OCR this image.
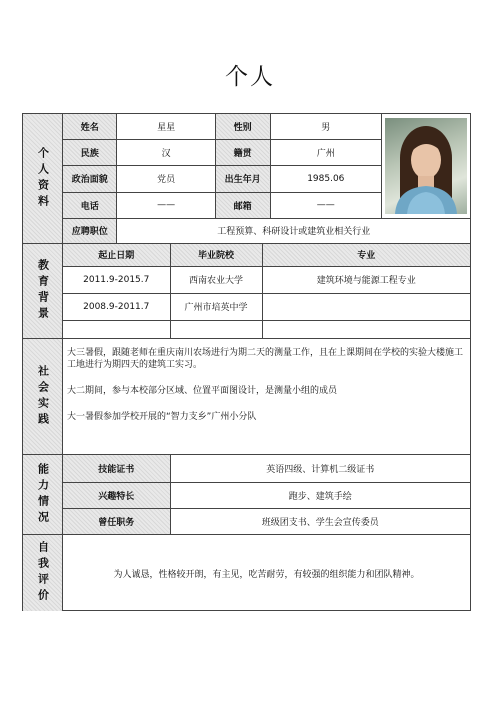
个人
个人资料
姓名	星星	性别	男	

民族	汉	籍贯	广州	
政治面貌	党员	出生年月	1985.06	
电话	——	邮箱	——	
应聘职位	工程预算、科研设计或建筑业相关行业			
教育背景
起止日期	毕业院校	专业
2011.9-2015.7	西南农业大学	建筑环境与能源工程专业
2008.9-2011.7	广州市培英中学	

社会实践

大三暑假，跟随老师在重庆南川农场进行为期二天的测量工作，且在上课期间在学校的实验大楼施工工地进行为期四天的建筑工实习。

大二期间，参与本校部分区域、位置平面图设计，是测量小组的成员

大一暑假参加学校开展的“智力支乡”广州小分队

能力情况	技能证书	英语四级、计算机二级证书
兴趣特长	跑步、建筑手绘
曾任职务	班级团支书、学生会宣传委员
自我评价	为人诚恳，性格较开朗，有主见，吃苦耐劳，有较强的组织能力和团队精神。
